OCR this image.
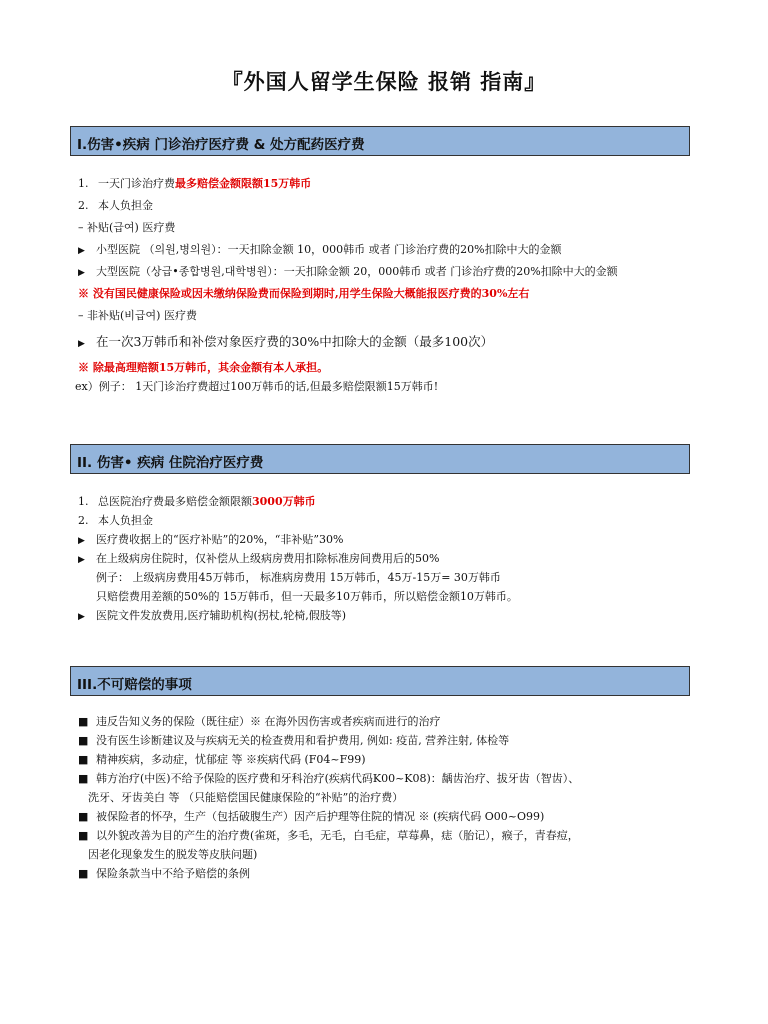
『外国人留学生保险 报销 指南』
I.伤害•疾病 门诊治疗医疗费 & 处方配药医疗费
1. 一天门诊治疗费最多赔偿金额限额15万韩币
2. 本人负担金
– 补贴(급여) 医疗费
▶ 小型医院 （의원,병의원）：一天扣除金额 10，000韩币 或者 门诊治疗费的20%扣除中大的金额
▶ 大型医院（상급•종합병원,대학병원）：一天扣除金额 20，000韩币 或者 门诊治疗费的20%扣除中大的金额
※ 没有国民健康保险或因未缴纳保险费而保险到期时,用学生保险大概能报医疗费的30%左右
– 非补贴(비급여) 医疗费
▶ 在一次3万韩币和补偿对象医疗费的30%中扣除大的金额（最多100次）
※ 除最高理赔额15万韩币，其余金额有本人承担。
ex）例子： 1天门诊治疗费超过100万韩币的话,但最多赔偿限额15万韩币!
II. 伤害• 疾病 住院治疗医疗费
1. 总医院治疗费最多赔偿金额限额3000万韩币
2. 本人负担金
▶ 医疗费收据上的“医疗补贴”的20%，“非补贴”30%
▶ 在上级病房住院时，仅补偿从上级病房费用扣除标准房间费用后的50%
例子： 上级病房费用45万韩币， 标准病房费用 15万韩币，45万-15万= 30万韩币
只赔偿费用差额的50%的 15万韩币，但一天最多10万韩币，所以赔偿金额10万韩币。
▶ 医院文件发放费用,医疗辅助机构(拐杖,轮椅,假肢等)
III.不可赔偿的事项
■ 违反告知义务的保险（既往症）※ 在海外因伤害或者疾病而进行的治疗
■ 没有医生诊断建议及与疾病无关的检查费用和看护费用, 例如: 疫苗, 营养注射, 体检等
■ 精神疾病，多动症，忧郁症 等 ※疾病代码 (F04~F99)
■ 韩方治疗(中医)不给予保险的医疗费和牙科治疗(疾病代码K00~K08)：龋齿治疗、拔牙齿（智齿）、
洗牙、牙齿美白 等 （只能赔偿国民健康保险的“补贴”的治疗费）
■ 被保险者的怀孕，生产（包括破腹生产）因产后护理等住院的情况 ※ (疾病代码 O00~O99)
■ 以外貌改善为目的产生的治疗费(雀斑，多毛，无毛，白毛症，草莓鼻，痣（胎记），瘊子，青春痘，
因老化现象发生的脱发等皮肤问题)
■ 保险条款当中不给予赔偿的条例
